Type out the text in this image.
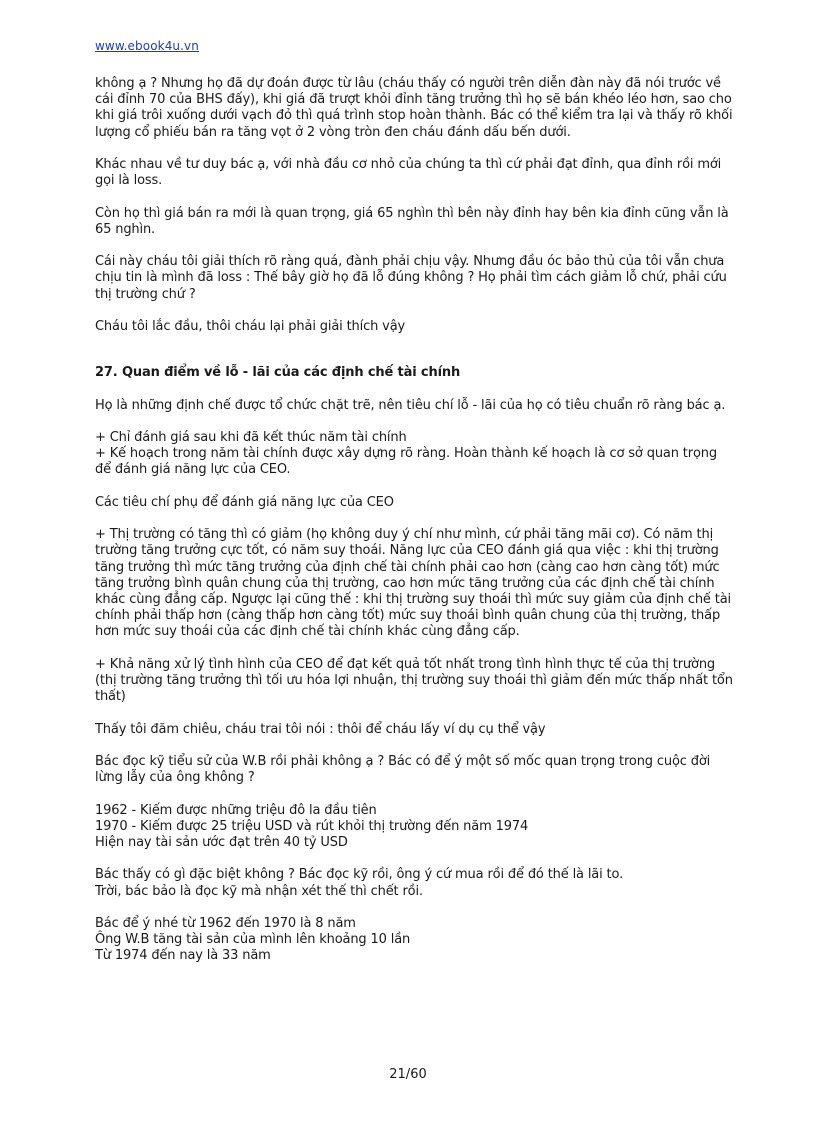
www.ebook4u.vn

không ạ ? Nhưng họ đã dự đoán được từ lâu (cháu thấy có người trên diễn đàn này đã nói trước về cái đỉnh 70 của BHS đấy), khi giá đã trượt khỏi đỉnh tăng trưởng thì họ sẽ bán khéo léo hơn, sao cho khi giá trôi xuống dưới vạch đỏ thì quá trình stop hoàn thành. Bác có thể kiểm tra lại và thấy rõ khối lượng cổ phiếu bán ra tăng vọt ở 2 vòng tròn đen cháu đánh dấu bến dưới.

Khác nhau về tư duy bác ạ, với nhà đầu cơ nhỏ của chúng ta thì cứ phải đạt đỉnh, qua đỉnh rồi mới gọi là loss.

Còn họ thì giá bán ra mới là quan trọng, giá 65 nghìn thì bên này đỉnh hay bên kia đỉnh cũng vẫn là 65 nghìn.

Cái này cháu tôi giải thích rõ ràng quá, đành phải chịu vậy. Nhưng đầu óc bảo thủ của tôi vẫn chưa chịu tin là mình đã loss : Thế bây giờ họ đã lỗ đúng không ? Họ phải tìm cách giảm lỗ chứ, phải cứu thị trường chứ ?

Cháu tôi lắc đầu, thôi cháu lại phải giải thích vậy

27. Quan điểm về lỗ - lãi của các định chế tài chính

Họ là những định chế được tổ chức chặt trẽ, nên tiêu chí lỗ - lãi của họ có tiêu chuẩn rõ ràng bác ạ.

+ Chỉ đánh giá sau khi đã kết thúc năm tài chính
+ Kế hoạch trong năm tài chính được xây dựng rõ ràng. Hoàn thành kế hoạch là cơ sở quan trọng để đánh giá năng lực của CEO.

Các tiêu chí phụ để đánh giá năng lực của CEO

+ Thị trường có tăng thì có giảm (họ không duy ý chí như mình, cứ phải tăng mãi cơ). Có năm thị trường tăng trưởng cực tốt, có năm suy thoái. Năng lực của CEO đánh giá qua việc : khi thị trường tăng trưởng thì mức tăng trưởng của định chế tài chính phải cao hơn (càng cao hơn càng tốt) mức tăng trưởng bình quân chung của thị trường, cao hơn mức tăng trưởng của các định chế tài chính khác cùng đẳng cấp. Ngược lại cũng thế : khi thị trường suy thoái thì mức suy giảm của định chế tài chính phải thấp hơn (càng thấp hơn càng tốt) mức suy thoái bình quân chung của thị trường, thấp hơn mức suy thoái của các định chế tài chính khác cùng đẳng cấp.

+ Khả năng xử lý tình hình của CEO để đạt kết quả tốt nhất trong tình hình thực tế của thị trường (thị trường tăng trưởng thì tối ưu hóa lợi nhuận, thị trường suy thoái thì giảm đến mức thấp nhất tổn thất)

Thấy tôi đăm chiêu, cháu trai tôi nói : thôi để cháu lấy ví dụ cụ thể vậy

Bác đọc kỹ tiểu sử của W.B rồi phải không ạ ? Bác có để ý một số mốc quan trọng trong cuộc đời lừng lẫy của ông không ?

1962 - Kiếm được những triệu đô la đầu tiên
1970 - Kiếm được 25 triệu USD và rút khỏi thị trường đến năm 1974
Hiện nay tài sản ước đạt trên 40 tỷ USD

Bác thấy có gì đặc biệt không ? Bác đọc kỹ rồi, ông ý cứ mua rồi để đó thế là lãi to.
Trời, bác bảo là đọc kỹ mà nhận xét thế thì chết rồi.

Bác để ý nhé từ 1962 đến 1970 là 8 năm
Ông W.B tăng tài sản của mình lên khoảng 10 lần
Từ 1974 đến nay là 33 năm

21/60
